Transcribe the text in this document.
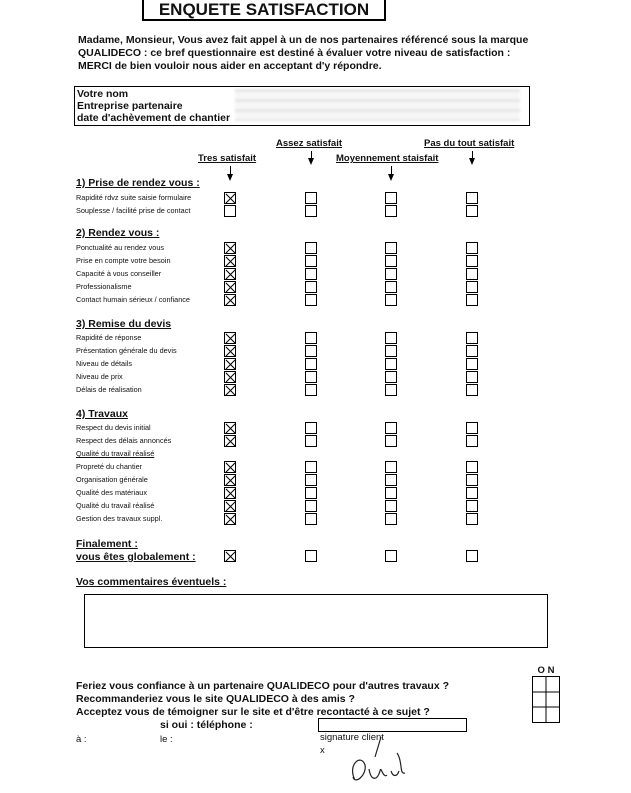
ENQUETE SATISFACTION
Madame, Monsieur, Vous avez fait appel à un de nos partenaires référencé sous la marque QUALIDECO : ce bref questionnaire est destiné à évaluer votre niveau de satisfaction : MERCI de bien vouloir nous aider en acceptant d'y répondre.
Votre nom
Entreprise partenaire
date d'achèvement de chantier
Tres satisfait
Assez satisfait
Moyennement staisfait
Pas du tout satisfait
1) Prise de rendez vous :
Rapidité rdvz suite saisie formulaire
Souplesse / facilité prise de contact
2) Rendez vous :
Ponctualité au rendez vous
Prise en compte votre besoin
Capacité à vous conseiller
Professionalisme
Contact humain sérieux / confiance
3) Remise du devis
Rapidité de réponse
Présentation générale du devis
Niveau de détails
Niveau de prix
Délais de réalisation
4) Travaux
Respect du devis initial
Respect des délais annoncés
Qualité du travail réalisé
Propreté du chantier
Organisation générale
Qualité des matériaux
Qualité du travail réalisé
Gestion des travaux suppl.
Finalement :
vous êtes globalement :
Vos commentaires éventuels :
Feriez vous confiance à un partenaire QUALIDECO pour d'autres travaux ?
Recommanderiez vous le site QUALIDECO à des amis ?
Acceptez vous de témoigner sur le site et d'être recontacté à ce sujet ?
si oui : téléphone :
O N
à :	le :	signature client
x
